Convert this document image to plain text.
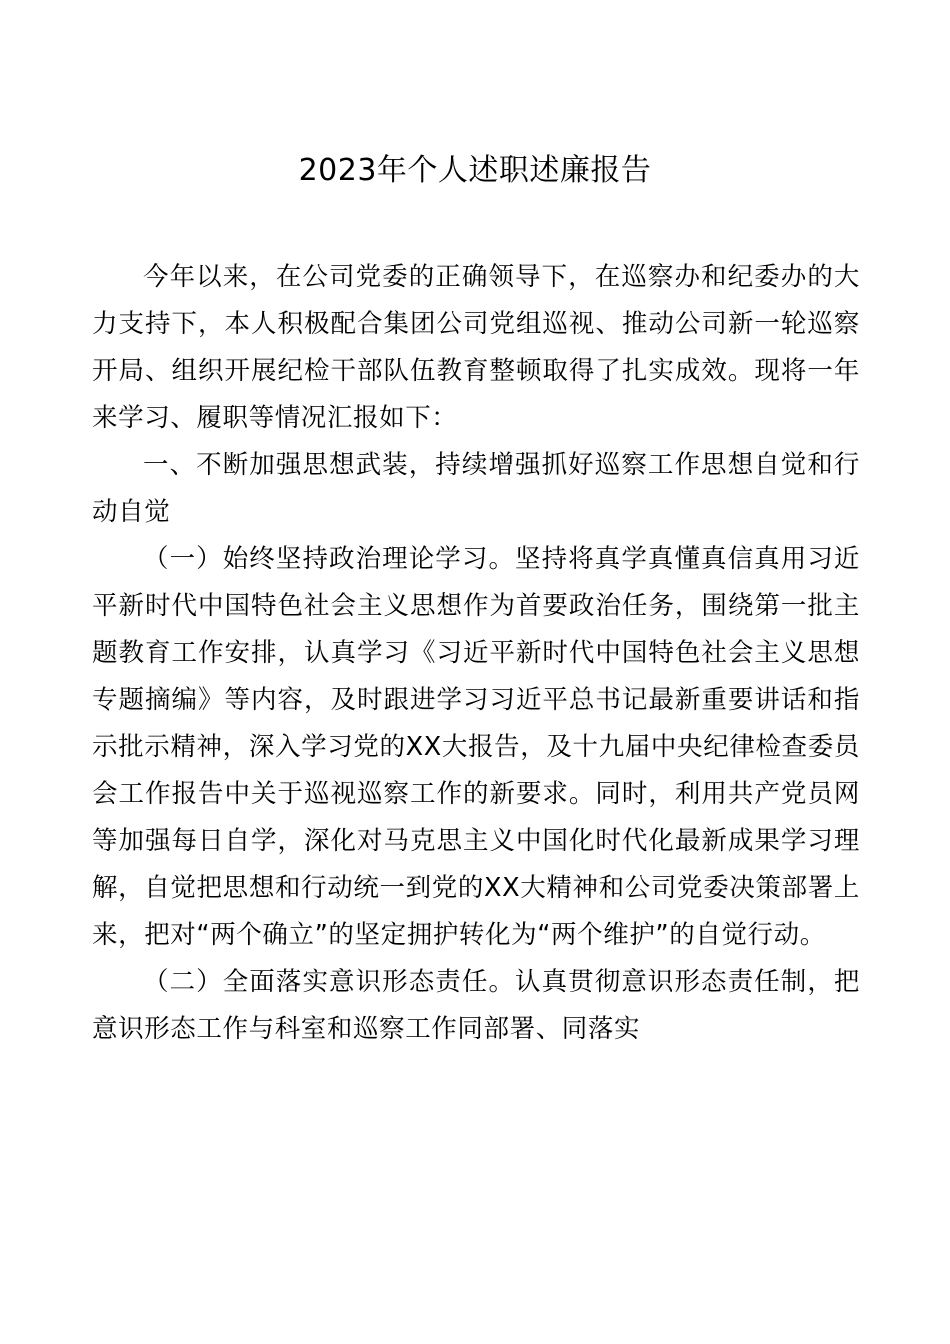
2023年个人述职述廉报告

今年以来，在公司党委的正确领导下，在巡察办和纪委办的大力支持下，本人积极配合集团公司党组巡视、推动公司新一轮巡察开局、组织开展纪检干部队伍教育整顿取得了扎实成效。现将一年来学习、履职等情况汇报如下：

一、不断加强思想武装，持续增强抓好巡察工作思想自觉和行动自觉

（一）始终坚持政治理论学习。坚持将真学真懂真信真用习近平新时代中国特色社会主义思想作为首要政治任务，围绕第一批主题教育工作安排，认真学习《习近平新时代中国特色社会主义思想专题摘编》等内容，及时跟进学习习近平总书记最新重要讲话和指示批示精神，深入学习党的XX大报告，及十九届中央纪律检查委员会工作报告中关于巡视巡察工作的新要求。同时，利用共产党员网等加强每日自学，深化对马克思主义中国化时代化最新成果学习理解，自觉把思想和行动统一到党的XX大精神和公司党委决策部署上来，把对“两个确立”的坚定拥护转化为“两个维护”的自觉行动。

（二）全面落实意识形态责任。认真贯彻意识形态责任制，把意识形态工作与科室和巡察工作同部署、同落实
